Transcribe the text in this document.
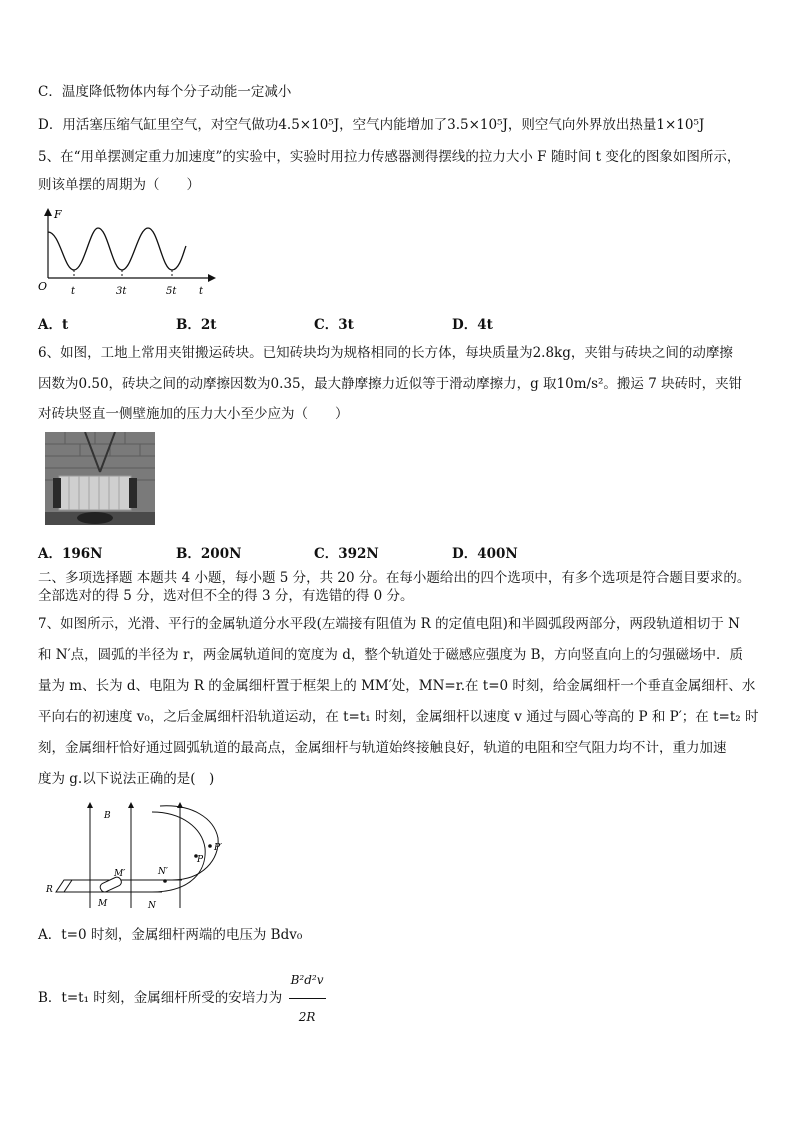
C．温度降低物体内每个分子动能一定减小
D．用活塞压缩气缸里空气，对空气做功4.5×10⁵J，空气内能增加了3.5×10⁵J，则空气向外界放出热量1×10⁵J
5、在“用单摆测定重力加速度”的实验中，实验时用拉力传感器测得摆线的拉力大小 F 随时间 t 变化的图象如图所示，
则该单摆的周期为（　　）
F
O t	3t	5t t
A．t	B．2t	C．3t	D．4t
6、如图，工地上常用夹钳搬运砖块。已知砖块均为规格相同的长方体，每块质量为2.8kg，夹钳与砖块之间的动摩擦
因数为0.50，砖块之间的动摩擦因数为0.35，最大静摩擦力近似等于滑动摩擦力，g 取10m/s²。搬运 7 块砖时，夹钳
对砖块竖直一侧壁施加的压力大小至少应为（　　）
A．196N	B．200N	C．392N	D．400N
二、多项选择题 本题共 4 小题，每小题 5 分，共 20 分。在每小题给出的四个选项中，有多个选项是符合题目要求的。
全部选对的得 5 分，选对但不全的得 3 分，有选错的得 0 分。
7、如图所示，光滑、平行的金属轨道分水平段(左端接有阻值为 R 的定值电阻)和半圆弧段两部分，两段轨道相切于 N
和 N′点，圆弧的半径为 r，两金属轨道间的宽度为 d，整个轨道处于磁感应强度为 B，方向竖直向上的匀强磁场中．质
量为 m、长为 d、电阻为 R 的金属细杆置于框架上的 MM′处，MN=r.在 t=0 时刻，给金属细杆一个垂直金属细杆、水
平向右的初速度 v₀，之后金属细杆沿轨道运动，在 t=t₁ 时刻，金属细杆以速度 v 通过与圆心等高的 P 和 P′；在 t=t₂ 时
刻，金属细杆恰好通过圆弧轨道的最高点，金属细杆与轨道始终接触良好，轨道的电阻和空气阻力均不计，重力加速
度为 g.以下说法正确的是(　)
B
M′
M
R
N′
N
P
P′
A．t=0 时刻，金属细杆两端的电压为 Bdv₀
B．t=t₁ 时刻，金属细杆所受的安培力为 $\frac{\text{B²d²v}}{2R}$
